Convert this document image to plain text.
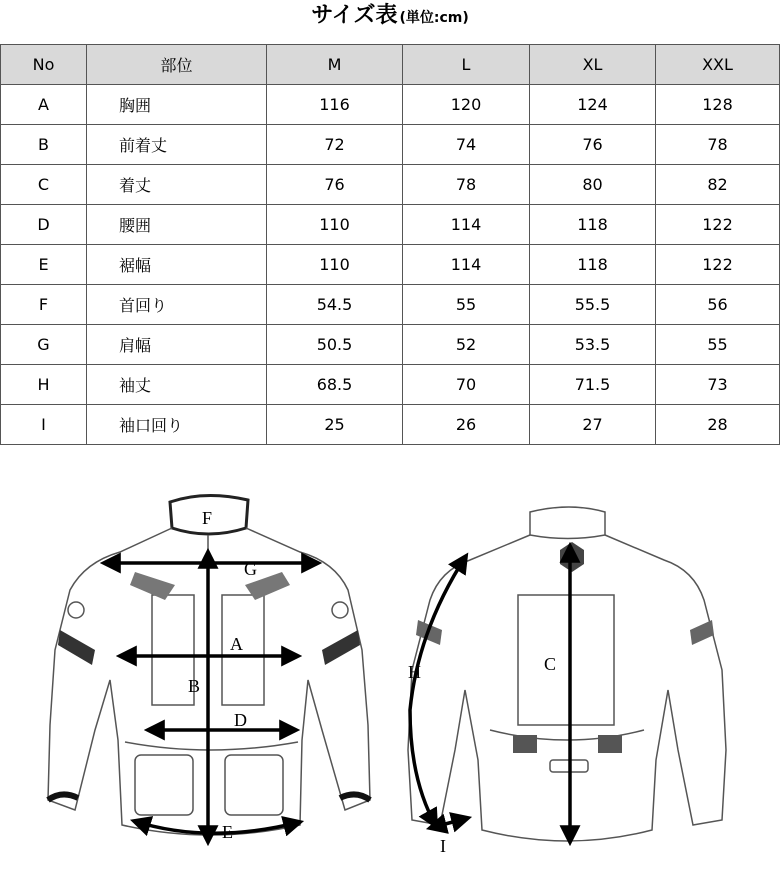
サイズ表 (単位:cm)
No	部位	M	L	XL	XXL
A	胸囲	116	120	124	128
B	前着丈	72	74	76	78
C	着丈	76	78	80	82
D	腰囲	110	114	118	122
E	裾幅	110	114	118	122
F	首回り	54.5	55	55.5	56
G	肩幅	50.5	52	53.5	55
H	袖丈	68.5	70	71.5	73
I	袖口回り	25	26	27	28
F
G
A
B
D
E
H	C
I
